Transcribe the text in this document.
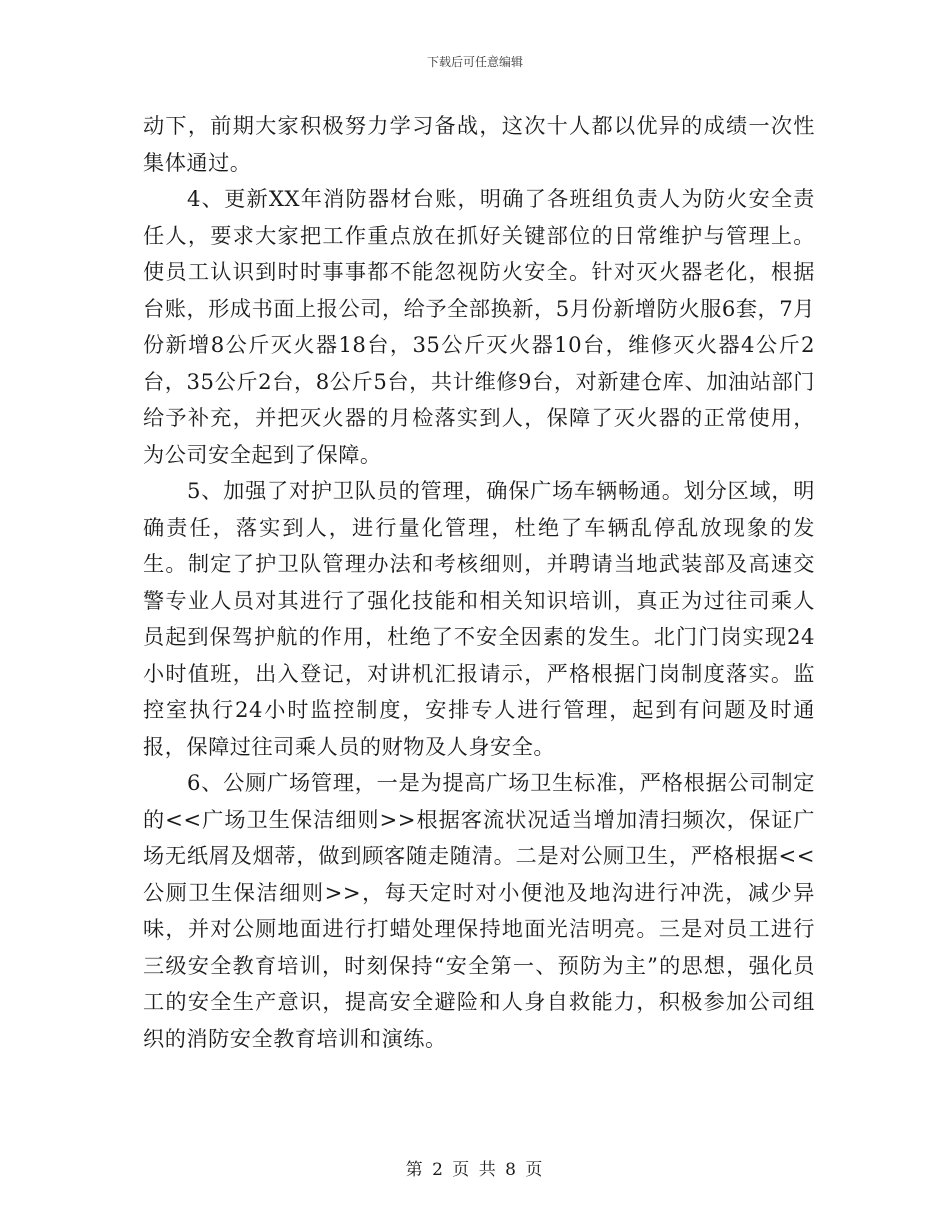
下载后可任意编辑

动下，前期大家积极努力学习备战，这次十人都以优异的成绩一次性集体通过。

4、更新XX年消防器材台账，明确了各班组负责人为防火安全责任人，要求大家把工作重点放在抓好关键部位的日常维护与管理上。使员工认识到时时事事都不能忽视防火安全。针对灭火器老化，根据台账，形成书面上报公司，给予全部换新，5月份新增防火服6套，7月份新增8公斤灭火器18台，35公斤灭火器10台，维修灭火器4公斤2台，35公斤2台，8公斤5台，共计维修9台，对新建仓库、加油站部门给予补充，并把灭火器的月检落实到人，保障了灭火器的正常使用，为公司安全起到了保障。

5、加强了对护卫队员的管理，确保广场车辆畅通。划分区域，明确责任，落实到人，进行量化管理，杜绝了车辆乱停乱放现象的发生。制定了护卫队管理办法和考核细则，并聘请当地武装部及高速交警专业人员对其进行了强化技能和相关知识培训，真正为过往司乘人员起到保驾护航的作用，杜绝了不安全因素的发生。北门门岗实现24小时值班，出入登记，对讲机汇报请示，严格根据门岗制度落实。监控室执行24小时监控制度，安排专人进行管理，起到有问题及时通报，保障过往司乘人员的财物及人身安全。

6、公厕广场管理，一是为提高广场卫生标准，严格根据公司制定的<<广场卫生保洁细则>>根据客流状况适当增加清扫频次，保证广场无纸屑及烟蒂，做到顾客随走随清。二是对公厕卫生，严格根据<<公厕卫生保洁细则>>，每天定时对小便池及地沟进行冲洗，减少异味，并对公厕地面进行打蜡处理保持地面光洁明亮。三是对员工进行三级安全教育培训，时刻保持“安全第一、预防为主”的思想，强化员工的安全生产意识，提高安全避险和人身自救能力，积极参加公司组织的消防安全教育培训和演练。

第 2 页 共 8 页
